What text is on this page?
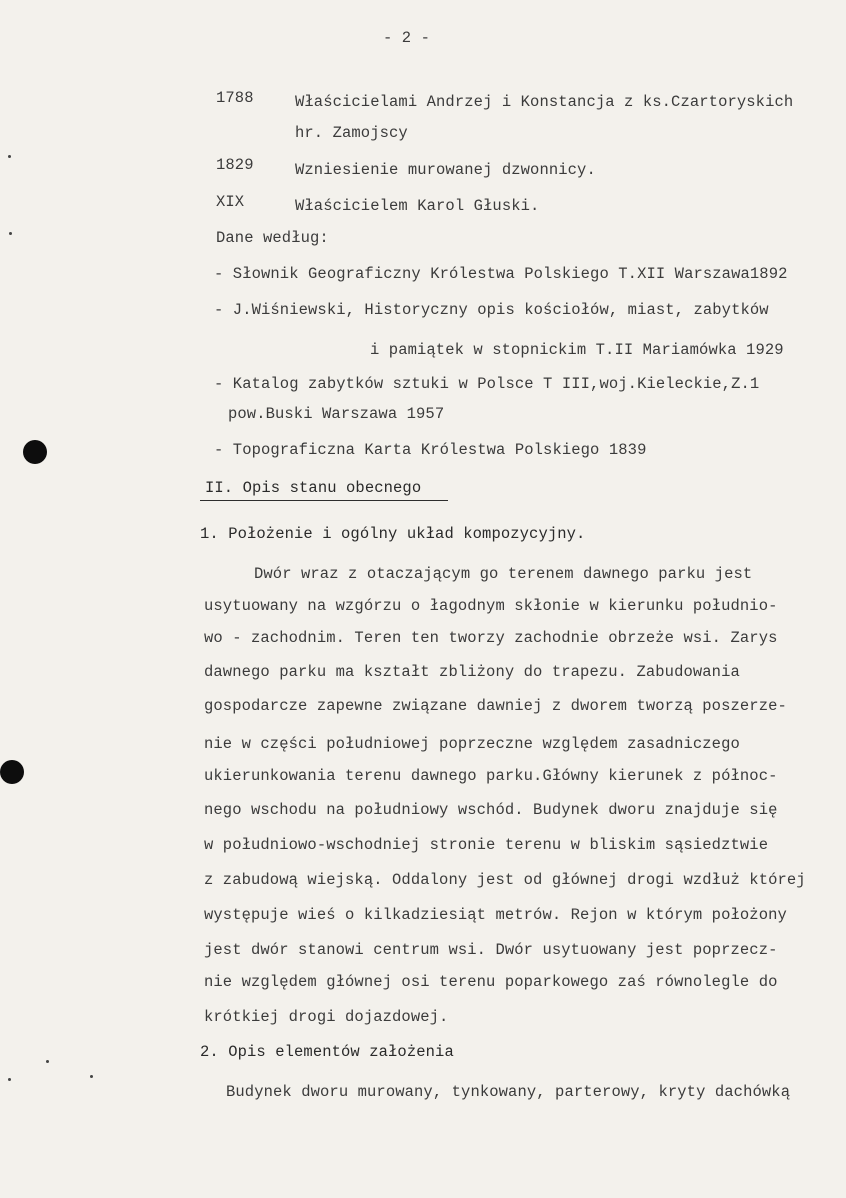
- 2 -
1788	Właścicielami Andrzej i Konstancja z ks.Czartoryskich
hr. Zamojscy
1829	Wzniesienie murowanej dzwonnicy.
XIX	Właścicielem Karol Głuski.
Dane według:
- Słownik Geograficzny Królestwa Polskiego T.XII Warszawa1892
- J.Wiśniewski, Historyczny opis kościołów, miast, zabytków
i pamiątek w stopnickim T.II Mariamówka 1929
- Katalog zabytków sztuki w Polsce T III,woj.Kieleckie,Z.1
pow.Buski Warszawa 1957
- Topograficzna Karta Królestwa Polskiego 1839
II. Opis stanu obecnego
1. Położenie i ogólny układ kompozycyjny.
Dwór wraz z otaczającym go terenem dawnego parku jest
usytuowany na wzgórzu o łagodnym skłonie w kierunku południo-
wo - zachodnim. Teren ten tworzy zachodnie obrzeże wsi. Zarys
dawnego parku ma kształt zbliżony do trapezu. Zabudowania
gospodarcze zapewne związane dawniej z dworem tworzą poszerze-
nie w części południowej poprzeczne względem zasadniczego
ukierunkowania terenu dawnego parku.Główny kierunek z północ-
nego wschodu na południowy wschód. Budynek dworu znajduje się
w południowo-wschodniej stronie terenu w bliskim sąsiedztwie
z zabudową wiejską. Oddalony jest od głównej drogi wzdłuż której
występuje wieś o kilkadziesiąt metrów. Rejon w którym położony
jest dwór stanowi centrum wsi. Dwór usytuowany jest poprzecz-
nie względem głównej osi terenu poparkowego zaś równolegle do
krótkiej drogi dojazdowej.
2. Opis elementów założenia
Budynek dworu murowany, tynkowany, parterowy, kryty dachówką
